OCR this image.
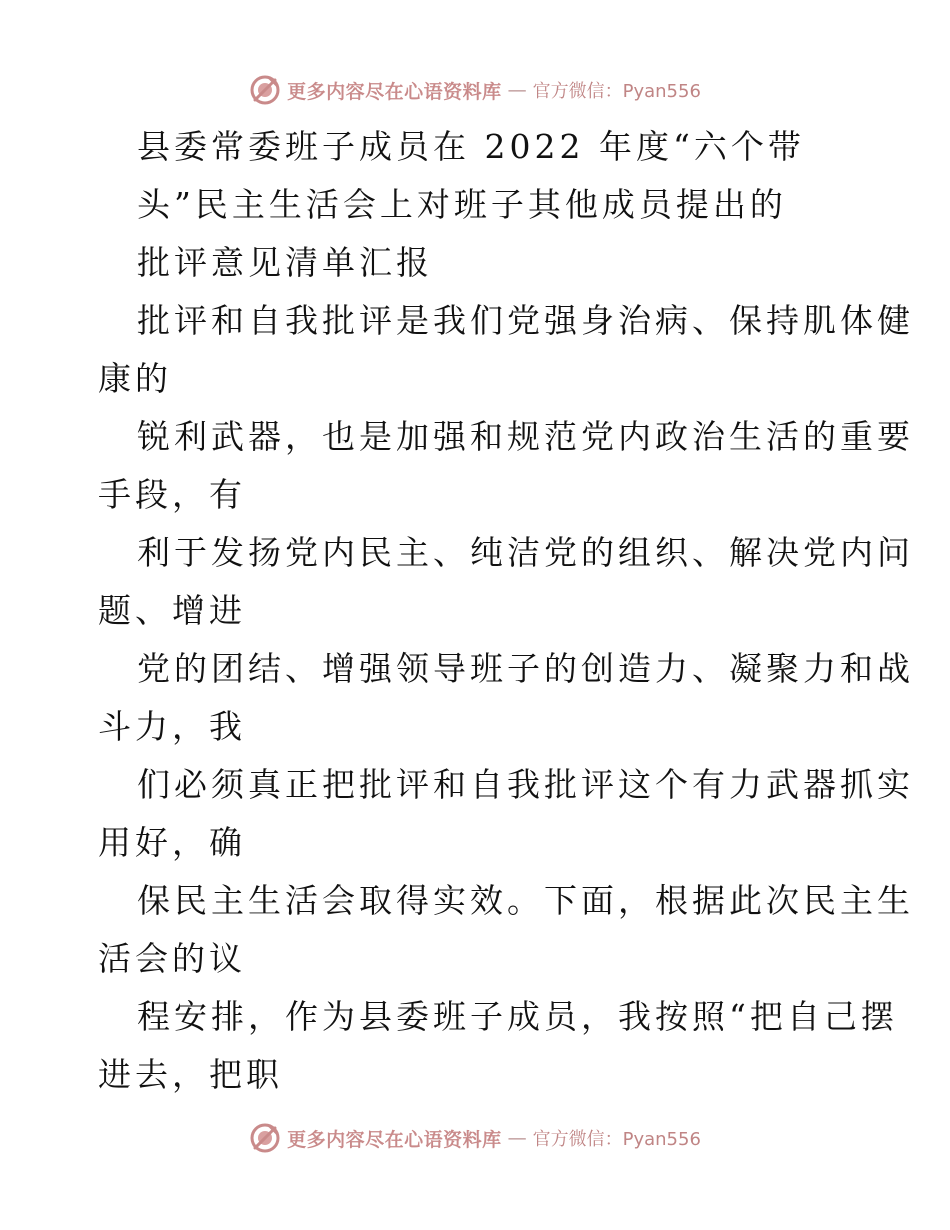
更多内容尽在心语资料库 — 官方微信：Pyan556
县委常委班子成员在 2022 年度“六个带
头”民主生活会上对班子其他成员提出的
批评意见清单汇报
批评和自我批评是我们党强身治病、保持肌体健
康的
锐利武器，也是加强和规范党内政治生活的重要
手段，有
利于发扬党内民主、纯洁党的组织、解决党内问
题、增进
党的团结、增强领导班子的创造力、凝聚力和战
斗力，我
们必须真正把批评和自我批评这个有力武器抓实
用好，确
保民主生活会取得实效。下面，根据此次民主生
活会的议
程安排，作为县委班子成员，我按照“把自己摆
进去，把职
更多内容尽在心语资料库 — 官方微信：Pyan556
